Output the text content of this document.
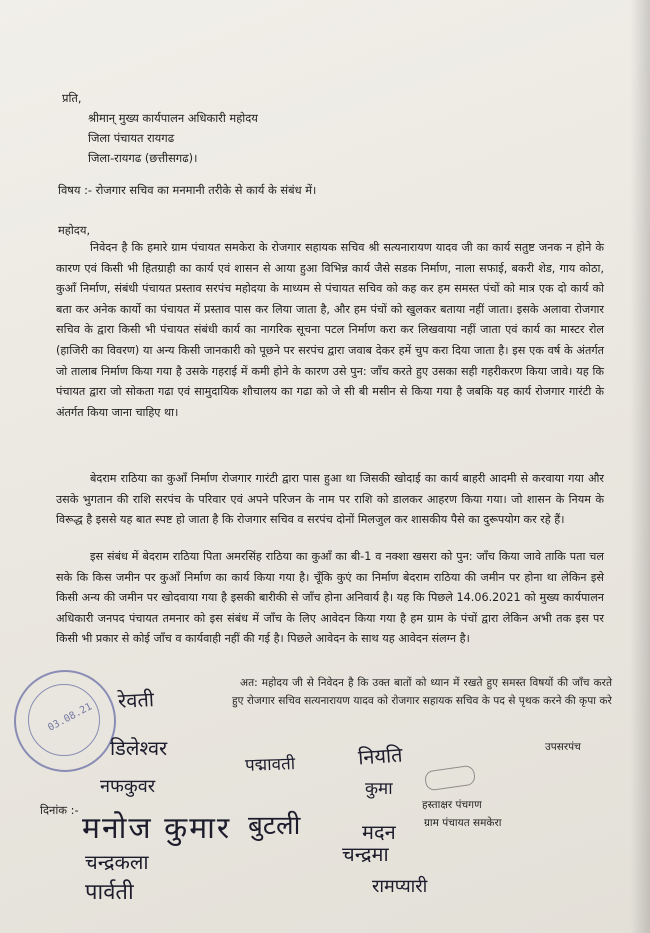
प्रति,
श्रीमान् मुख्य कार्यपालन अधिकारी महोदय
जिला पंचायत रायगढ
जिला-रायगढ (छत्तीसगढ)।
विषय :- रोजगार सचिव का मनमानी तरीके से कार्य के संबंध में।
महोदय,
निवेदन है कि हमारे ग्राम पंचायत समकेरा के रोजगार सहायक सचिव श्री सत्यनारायण यादव जी का कार्य सतुष्ट जनक न होने के कारण एवं किसी भी हितग्राही का कार्य एवं शासन से आया हुआ विभिन्न कार्य जैसे सडक निर्माण, नाला सफाई, बकरी शेड, गाय कोठा, कुआँ निर्माण, संबंधी पंचायत प्रस्ताव सरपंच महोदया के माध्यम से पंचायत सचिव को कह कर हम समस्त पंचों को मात्र एक दो कार्य को बता कर अनेक कार्यो का पंचायत में प्रस्ताव पास कर लिया जाता है, और हम पंचों को खुलकर बताया नहीं जाता। इसके अलावा रोजगार सचिव के द्वारा किसी भी पंचायत संबंधी कार्य का नागरिक सूचना पटल निर्माण करा कर लिखवाया नहीं जाता एवं कार्य का मास्टर रोल (हाजिरी का विवरण) या अन्य किसी जानकारी को पूछने पर सरपंच द्वारा जवाब देकर हमें चुप करा दिया जाता है। इस एक वर्ष के अंतर्गत जो तालाब निर्माण किया गया है उसके गहराई में कमी होने के कारण उसे पुन: जाँच करते हुए उसका सही गहरीकरण किया जावे। यह कि पंचायत द्वारा जो सोकता गढा एवं सामुदायिक शौचालय का गढा को जे सी बी मसीन से किया गया है जबकि यह कार्य रोजगार गारंटी के अंतर्गत किया जाना चाहिए था।
बेदराम राठिया का कुआँ निर्माण रोजगार गारंटी द्वारा पास हुआ था जिसकी खोदाई का कार्य बाहरी आदमी से करवाया गया और उसके भुगतान की राशि सरपंच के परिवार एवं अपने परिजन के नाम पर राशि को डालकर आहरण किया गया। जो शासन के नियम के विरूद्ध है इससे यह बात स्पष्ट हो जाता है कि रोजगार सचिव व सरपंच दोनों मिलजुल कर शासकीय पैसे का दुरूपयोग कर रहे हैं।
इस संबंध में बेदराम राठिया पिता अमरसिंह राठिया का कुआँ का बी-1 व नक्शा खसरा को पुन: जाँच किया जावे ताकि पता चल सके कि किस जमीन पर कुआँ निर्माण का कार्य किया गया है। चूँकि कुएं का निर्माण बेदराम राठिया की जमीन पर होना था लेकिन इसे किसी अन्य की जमीन पर खोदवाया गया है इसकी बारीकी से जाँच होना अनिवार्य है। यह कि पिछले 14.06.2021 को मुख्य कार्यपालन अधिकारी जनपद पंचायत तमनार को इस संबंध में जाँच के लिए आवेदन किया गया है हम ग्राम के पंचों द्वारा लेकिन अभी तक इस पर किसी भी प्रकार से कोई जाँच व कार्यवाही नहीं की गई है। पिछले आवेदन के साथ यह आवेदन संलग्न है।
अत: महोदय जी से निवेदन है कि उक्त बातों को ध्यान में रखते हुए समस्त विषयों की जाँच करते हुए रोजगार सचिव सत्यनारायण यादव को रोजगार सहायक सचिव के पद से पृथक करने की कृपा करे
दिनांक :-
उपसरपंच
हस्ताक्षर पंचगण
ग्राम पंचायत समकेरा
03.08.21
रेवती
डिलेश्वर
नफकुवर
पद्मावती	नियति
कुमा
मनोज कुमार बुटली	मदन
चन्द्रकला	चन्द्रमा
पार्वती	रामप्यारी
